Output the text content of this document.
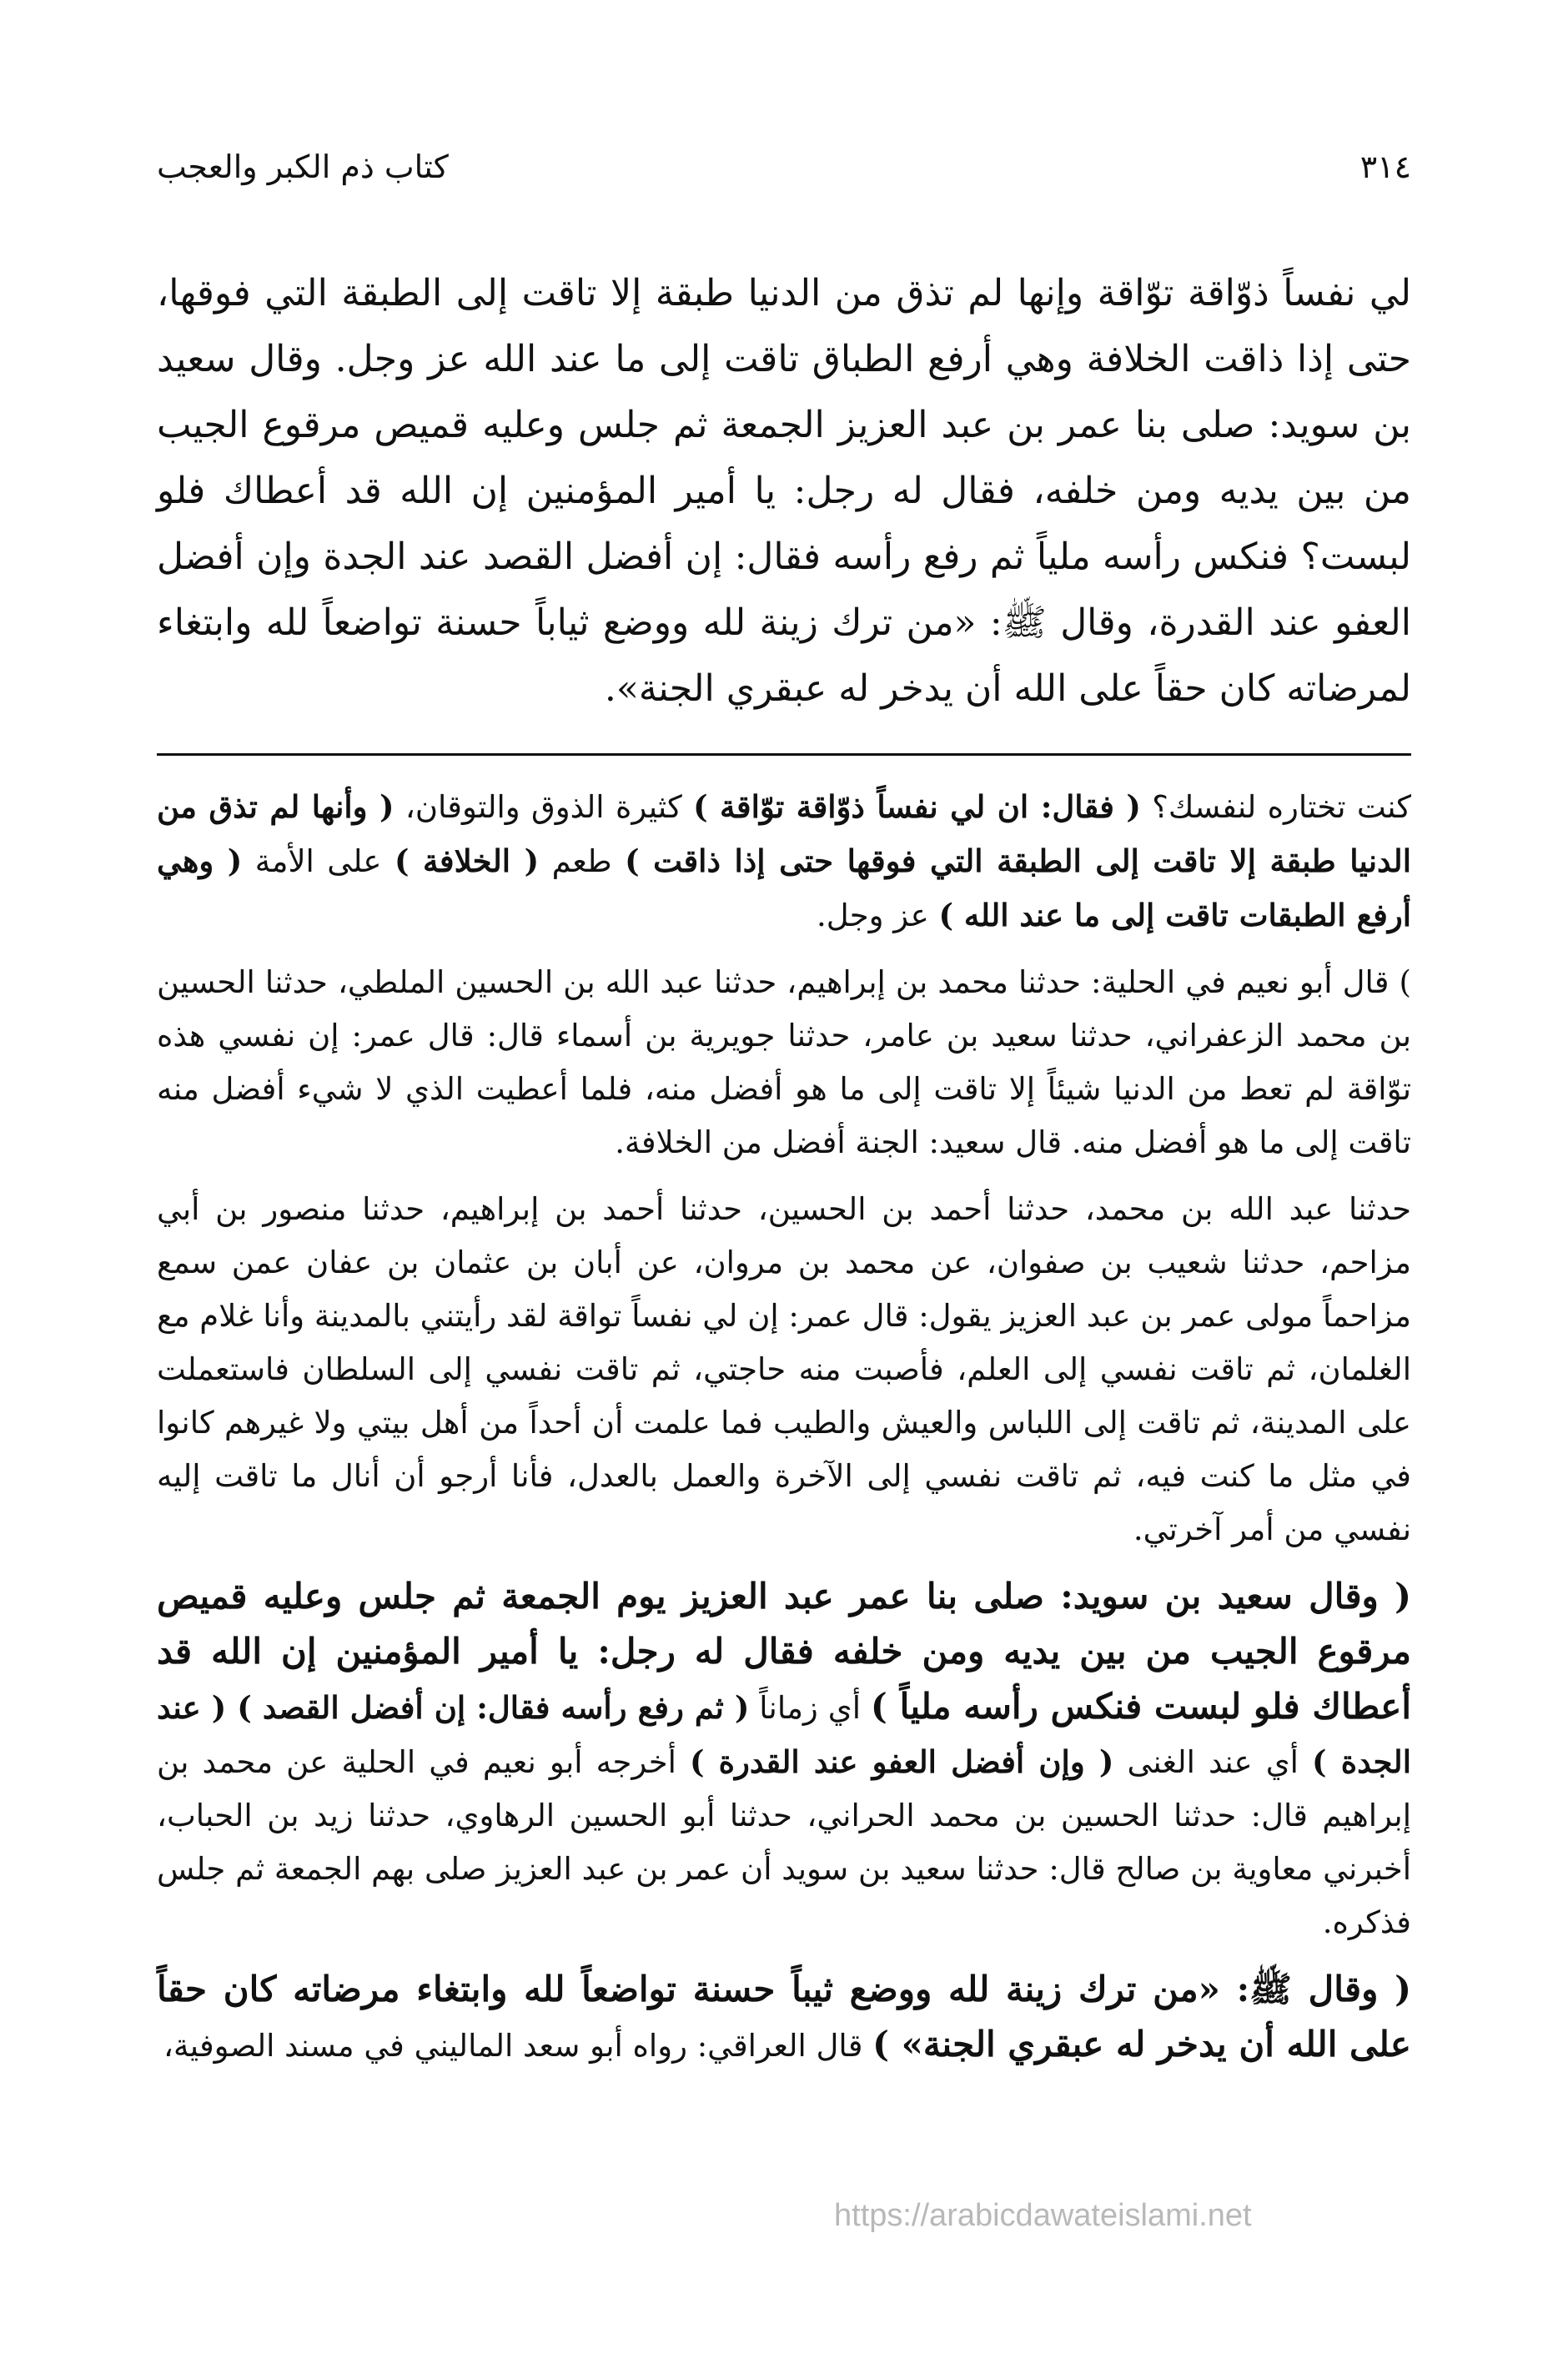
٣١٤
كتاب ذم الكبر والعجب

لي نفساً ذوّاقة توّاقة وإنها لم تذق من الدنيا طبقة إلا تاقت إلى الطبقة التي فوقها، حتى إذا ذاقت الخلافة وهي أرفع الطباق تاقت إلى ما عند الله عز وجل. وقال سعيد بن سويد: صلى بنا عمر بن عبد العزيز الجمعة ثم جلس وعليه قميص مرقوع الجيب من بين يديه ومن خلفه، فقال له رجل: يا أمير المؤمنين إن الله قد أعطاك فلو لبست؟ فنكس رأسه ملياً ثم رفع رأسه فقال: إن أفضل القصد عند الجدة وإن أفضل العفو عند القدرة، وقال ﷺ: «من ترك زينة لله ووضع ثياباً حسنة تواضعاً لله وابتغاء لمرضاته كان حقاً على الله أن يدخر له عبقري الجنة».

كنت تختاره لنفسك؟ ( فقال: ان لي نفساً ذوّاقة توّاقة ) كثيرة الذوق والتوقان، ( وأنها لم تذق من الدنيا طبقة إلا تاقت إلى الطبقة التي فوقها حتى إذا ذاقت ) طعم ( الخلافة ) على الأمة ( وهي أرفع الطبقات تاقت إلى ما عند الله ) عز وجل.

) قال أبو نعيم في الحلية: حدثنا محمد بن إبراهيم، حدثنا عبد الله بن الحسين الملطي، حدثنا الحسين بن محمد الزعفراني، حدثنا سعيد بن عامر، حدثنا جويرية بن أسماء قال: قال عمر: إن نفسي هذه توّاقة لم تعط من الدنيا شيئاً إلا تاقت إلى ما هو أفضل منه، فلما أعطيت الذي لا شيء أفضل منه تاقت إلى ما هو أفضل منه. قال سعيد: الجنة أفضل من الخلافة.

حدثنا عبد الله بن محمد، حدثنا أحمد بن الحسين، حدثنا أحمد بن إبراهيم، حدثنا منصور بن أبي مزاحم، حدثنا شعيب بن صفوان، عن محمد بن مروان، عن أبان بن عثمان بن عفان عمن سمع مزاحماً مولى عمر بن عبد العزيز يقول: قال عمر: إن لي نفساً تواقة لقد رأيتني بالمدينة وأنا غلام مع الغلمان، ثم تاقت نفسي إلى العلم، فأصبت منه حاجتي، ثم تاقت نفسي إلى السلطان فاستعملت على المدينة، ثم تاقت إلى اللباس والعيش والطيب فما علمت أن أحداً من أهل بيتي ولا غيرهم كانوا في مثل ما كنت فيه، ثم تاقت نفسي إلى الآخرة والعمل بالعدل، فأنا أرجو أن أنال ما تاقت إليه نفسي من أمر آخرتي.

( وقال سعيد بن سويد: صلى بنا عمر عبد العزيز يوم الجمعة ثم جلس وعليه قميص مرقوع الجيب من بين يديه ومن خلفه فقال له رجل: يا أمير المؤمنين إن الله قد أعطاك فلو لبست فنكس رأسه ملياً ) أي زماناً ( ثم رفع رأسه فقال: إن أفضل القصد ) ( عند الجدة ) أي عند الغنى ( وإن أفضل العفو عند القدرة ) أخرجه أبو نعيم في الحلية عن محمد بن إبراهيم قال: حدثنا الحسين بن محمد الحراني، حدثنا أبو الحسين الرهاوي، حدثنا زيد بن الحباب، أخبرني معاوية بن صالح قال: حدثنا سعيد بن سويد أن عمر بن عبد العزيز صلى بهم الجمعة ثم جلس فذكره.

( وقال ﷺ: «من ترك زينة لله ووضع ثيباً حسنة تواضعاً لله وابتغاء مرضاته كان حقاً على الله أن يدخر له عبقري الجنة» ) قال العراقي: رواه أبو سعد الماليني في مسند الصوفية،

https://arabicdawateislami.net
